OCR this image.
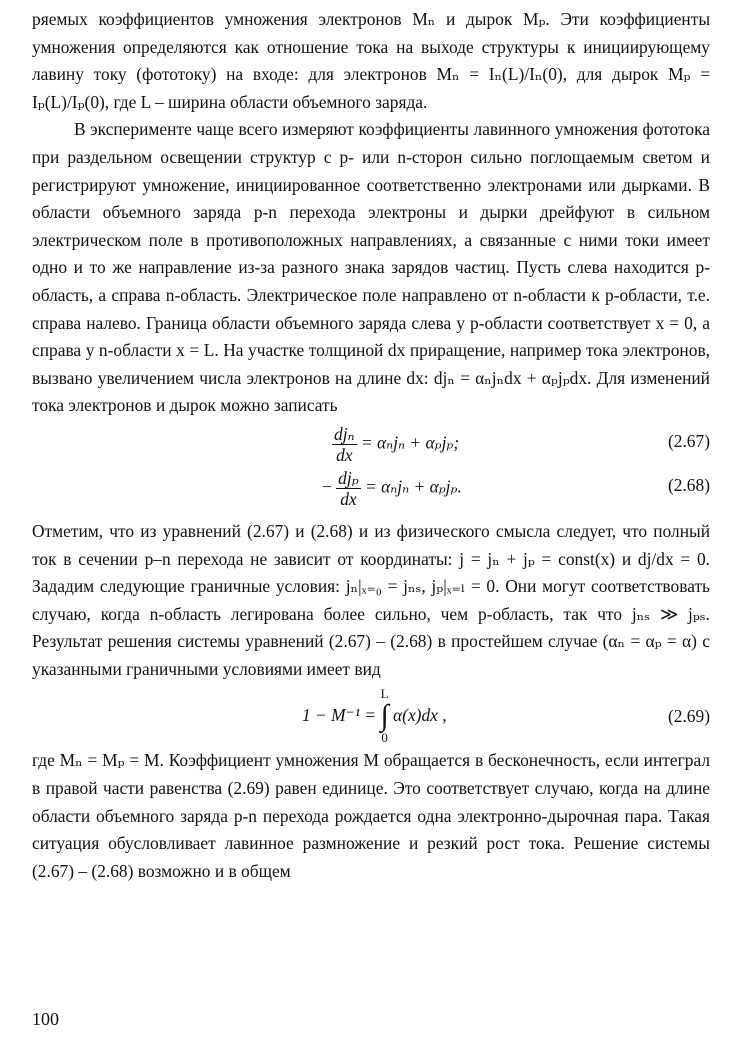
ряемых коэффициентов умножения электронов Mₙ и дырок Mₚ. Эти коэффициенты умножения определяются как отношение тока на выходе структуры к инициирующему лавину току (фототоку) на входе: для электронов Mₙ = Iₙ(L)/Iₙ(0), для дырок Mₚ = Iₚ(L)/Iₚ(0), где L – ширина области объемного заряда.

В эксперименте чаще всего измеряют коэффициенты лавинного умножения фототока при раздельном освещении структур с p- или n-сторон сильно поглощаемым светом и регистрируют умножение, инициированное соответственно электронами или дырками. В области объемного заряда p-n перехода электроны и дырки дрейфуют в сильном электрическом поле в противоположных направлениях, а связанные с ними токи имеет одно и то же направление из-за разного знака зарядов частиц. Пусть слева находится p-область, а справа n-область. Электрическое поле направлено от n-области к p-области, т.е. справа налево. Граница области объемного заряда слева у p-области соответствует x = 0, а справа у n-области x = L. На участке толщиной dx приращение, например тока электронов, вызвано увеличением числа электронов на длине dx: djₙ = αₙjₙdx + αₚjₚdx. Для изменений тока электронов и дырок можно записать

$\frac{\text{djₙ}}{dx} = \alpha_nj_n + \alpha_pj_p$;	(2.67)
− $\frac{\text{djₚ}}{dx} = \alpha_nj_n + \alpha_pj_p$.	(2.68)

Отметим, что из уравнений (2.67) и (2.68) и из физического смысла следует, что полный ток в сечении p–n перехода не зависит от координаты: j = jₙ + jₚ = const(x) и dj/dx = 0. Зададим следующие граничные условия: jₙ|ₓ₌₀ = jₙₛ, jₚ|ₓ₌ₗ = 0. Они могут соответствовать случаю, когда n-область легирована более сильно, чем p-область, так что jₙₛ ≫ jₚₛ. Результат решения системы уравнений (2.67) – (2.68) в простейшем случае (αₙ = αₚ = α) с указанными граничными условиями имеет вид

1 − M⁻¹ = L
∫
0 α(x)dx ,	(2.69)

где Mₙ = Mₚ = M. Коэффициент умножения M обращается в бесконечность, если интеграл в правой части равенства (2.69) равен единице. Это соответствует случаю, когда на длине области объемного заряда p-n перехода рождается одна электронно-дырочная пара. Такая ситуация обусловливает лавинное размножение и резкий рост тока. Решение системы (2.67) – (2.68) возможно и в общем

100
